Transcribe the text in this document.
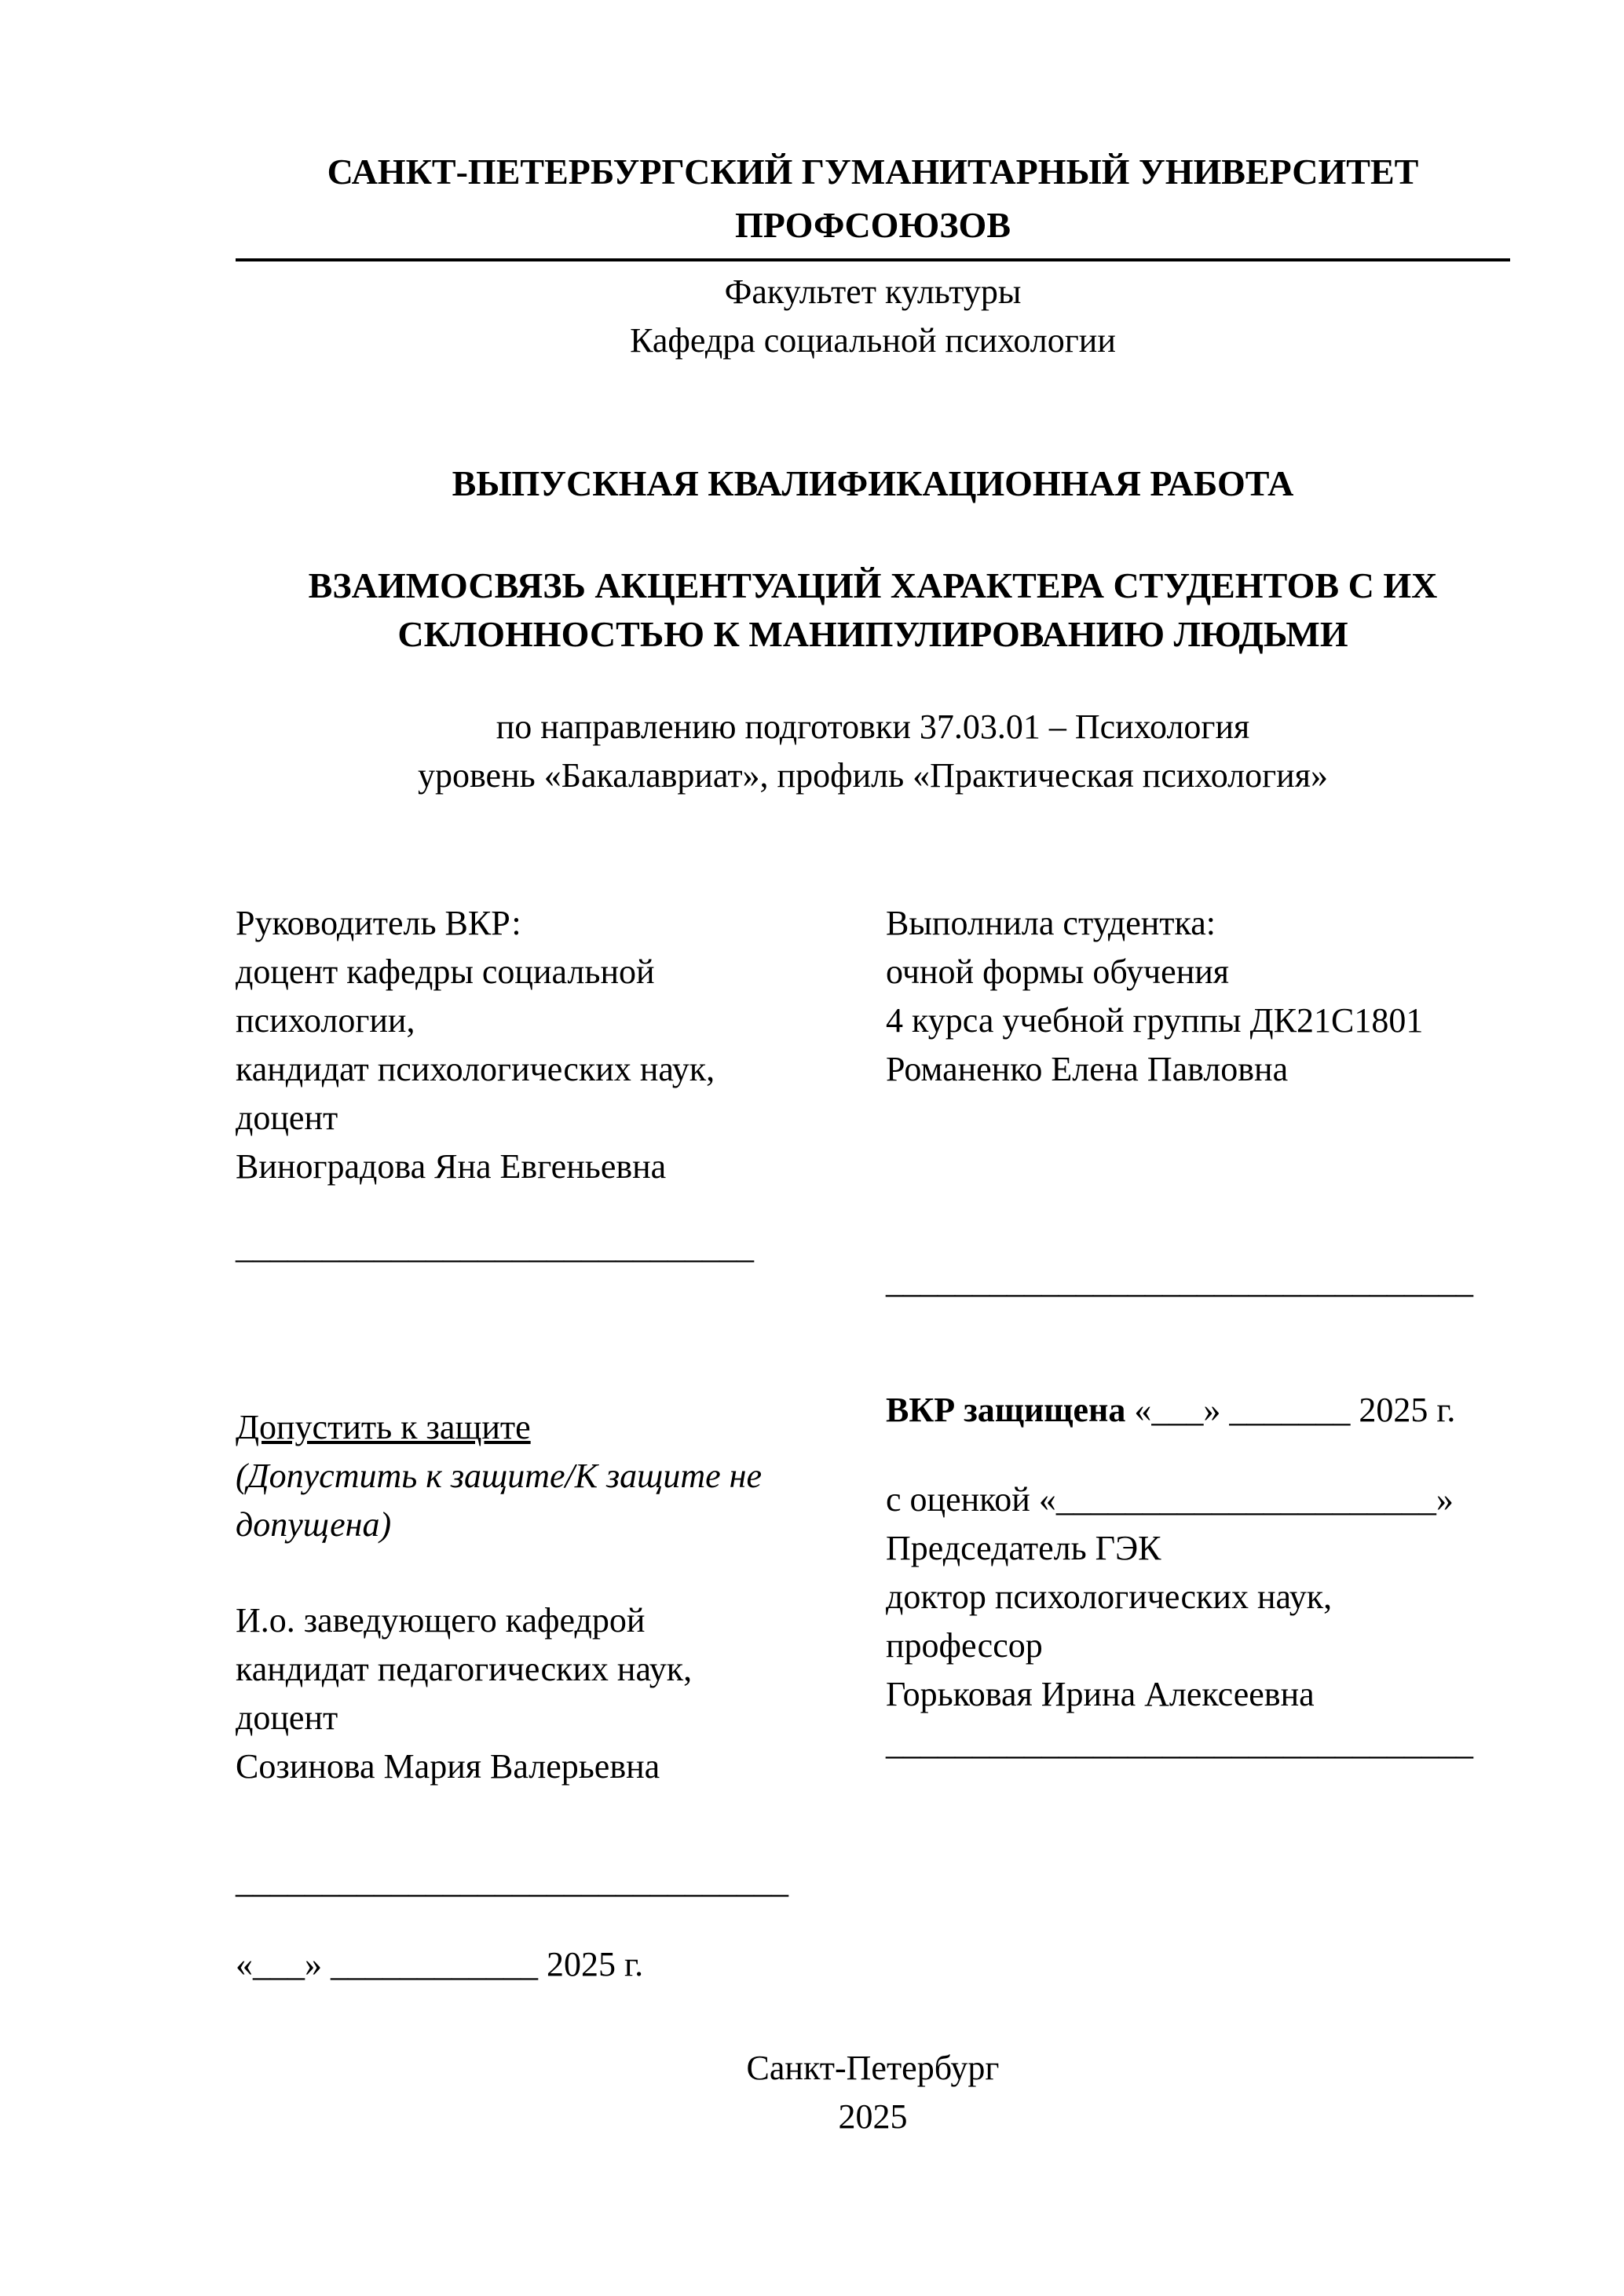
САНКТ-ПЕТЕРБУРГСКИЙ ГУМАНИТАРНЫЙ УНИВЕРСИТЕТ
ПРОФСОЮЗОВ
Факультет культуры
Кафедра социальной психологии
ВЫПУСКНАЯ КВАЛИФИКАЦИОННАЯ РАБОТА
ВЗАИМОСВЯЗЬ АКЦЕНТУАЦИЙ ХАРАКТЕРА СТУДЕНТОВ С ИХ
СКЛОННОСТЬЮ К МАНИПУЛИРОВАНИЮ ЛЮДЬМИ
по направлению подготовки 37.03.01 – Психология
уровень «Бакалавриат», профиль «Практическая психология»
Руководитель ВКР:
доцент кафедры социальной
психологии,
кандидат психологических наук,
доцент
Виноградова Яна Евгеньевна
______________________________
Допустить к защите
(Допустить к защите/К защите не
допущена)
И.о. заведующего кафедрой
кандидат педагогических наук,
доцент
Созинова Мария Валерьевна
________________________________
«___» ____________ 2025 г.
Выполнила студентка:
очной формы обучения
4 курса учебной группы ДК21С1801
Романенко Елена Павловна
__________________________________
ВКР защищена «___» _______ 2025 г.
с оценкой «______________________»
Председатель ГЭК
доктор психологических наук,
профессор
Горьковая Ирина Алексеевна
__________________________________
Санкт-Петербург
2025
